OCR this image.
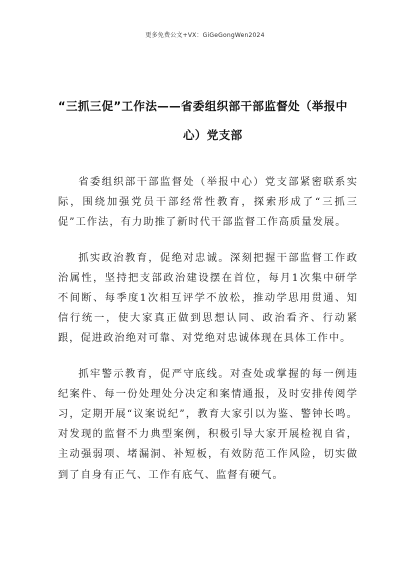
更多免费公文+VX：GiGeGongWen2024
“三抓三促”工作法——省委组织部干部监督处（举报中
心）党支部

省委组织部干部监督处（举报中心）党支部紧密联系实际，围绕加强党员干部经常性教育，探索形成了“三抓三促”工作法，有力助推了新时代干部监督工作高质量发展。

抓实政治教育，促绝对忠诚。深刻把握干部监督工作政治属性，坚持把支部政治建设摆在首位，每月1次集中研学不间断、每季度1次相互评学不放松，推动学思用贯通、知信行统一，使大家真正做到思想认同、政治看齐、行动紧跟，促进政治绝对可靠、对党绝对忠诚体现在具体工作中。

抓牢警示教育，促严守底线。对查处或掌握的每一例违纪案件、每一份处理处分决定和案情通报，及时安排传阅学习，定期开展“议案说纪”，教育大家引以为鉴、警钟长鸣。对发现的监督不力典型案例，积极引导大家开展检视自省，主动强弱项、堵漏洞、补短板，有效防范工作风险，切实做到了自身有正气、工作有底气、监督有硬气。
